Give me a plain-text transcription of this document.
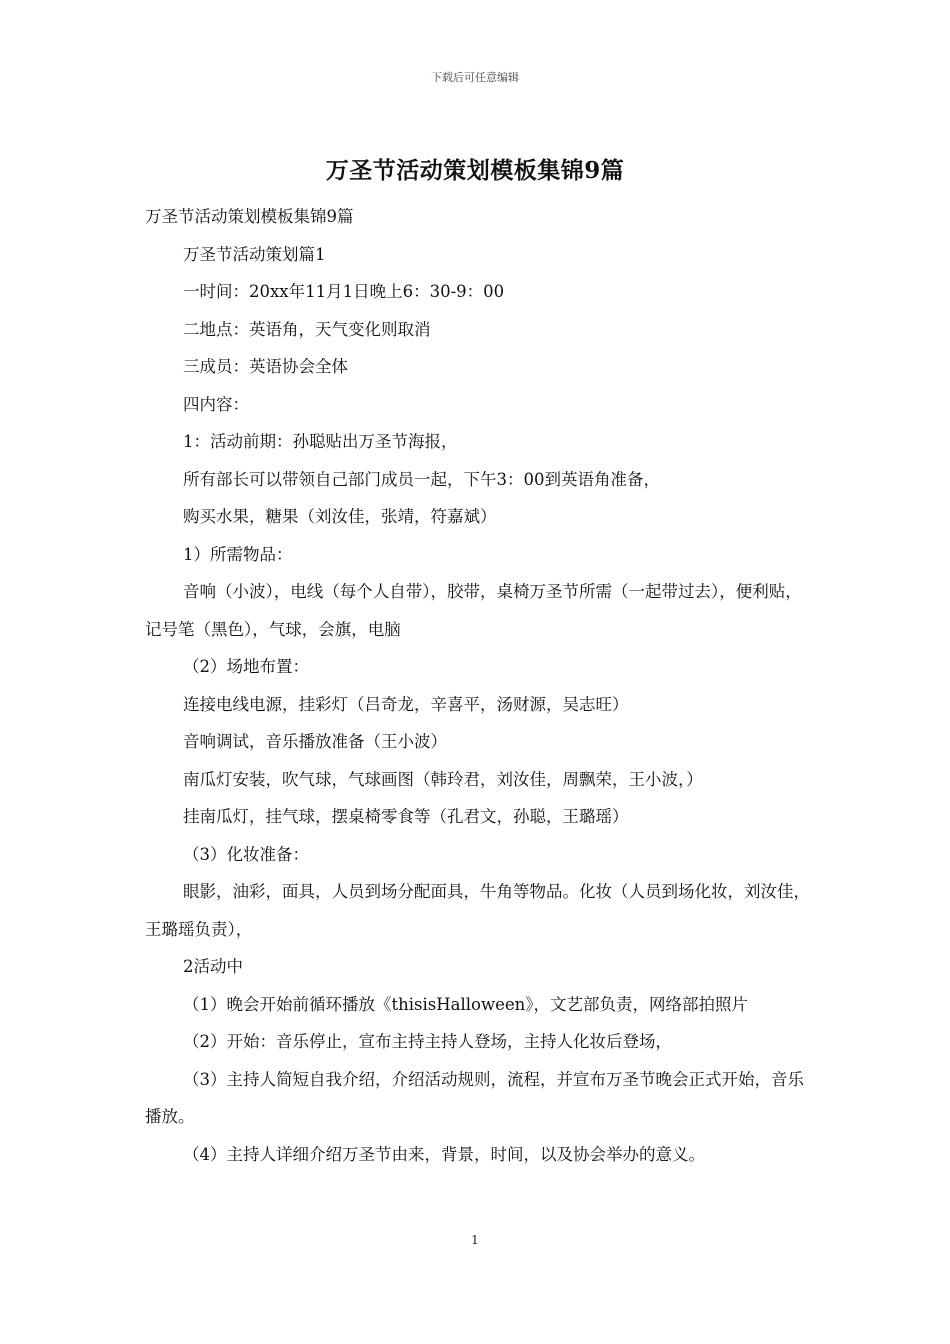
下载后可任意编辑
万圣节活动策划模板集锦9篇

万圣节活动策划模板集锦9篇

万圣节活动策划篇1

一时间：20xx年11月1日晚上6：30-9：00

二地点：英语角，天气变化则取消

三成员：英语协会全体

四内容：

1：活动前期：孙聪贴出万圣节海报，

所有部长可以带领自己部门成员一起，下午3：00到英语角准备，

购买水果，糖果（刘汝佳，张靖，符嘉斌）

1）所需物品：

音响（小波），电线（每个人自带），胶带，桌椅万圣节所需（一起带过去），便利贴，记号笔（黑色），气球，会旗，电脑

（2）场地布置：

连接电线电源，挂彩灯（吕奇龙，辛喜平，汤财源，吴志旺）

音响调试，音乐播放准备（王小波）

南瓜灯安装，吹气球，气球画图（韩玲君，刘汝佳，周飘荣，王小波，）

挂南瓜灯，挂气球，摆桌椅零食等（孔君文，孙聪，王璐瑶）

（3）化妆准备：

眼影，油彩，面具，人员到场分配面具，牛角等物品。化妆（人员到场化妆，刘汝佳，王璐瑶负责），

2活动中

（1）晚会开始前循环播放《thisisHalloween》，文艺部负责，网络部拍照片

（2）开始：音乐停止，宣布主持主持人登场，主持人化妆后登场，

（3）主持人简短自我介绍，介绍活动规则，流程，并宣布万圣节晚会正式开始，音乐播放。

（4）主持人详细介绍万圣节由来，背景，时间，以及协会举办的意义。

1
